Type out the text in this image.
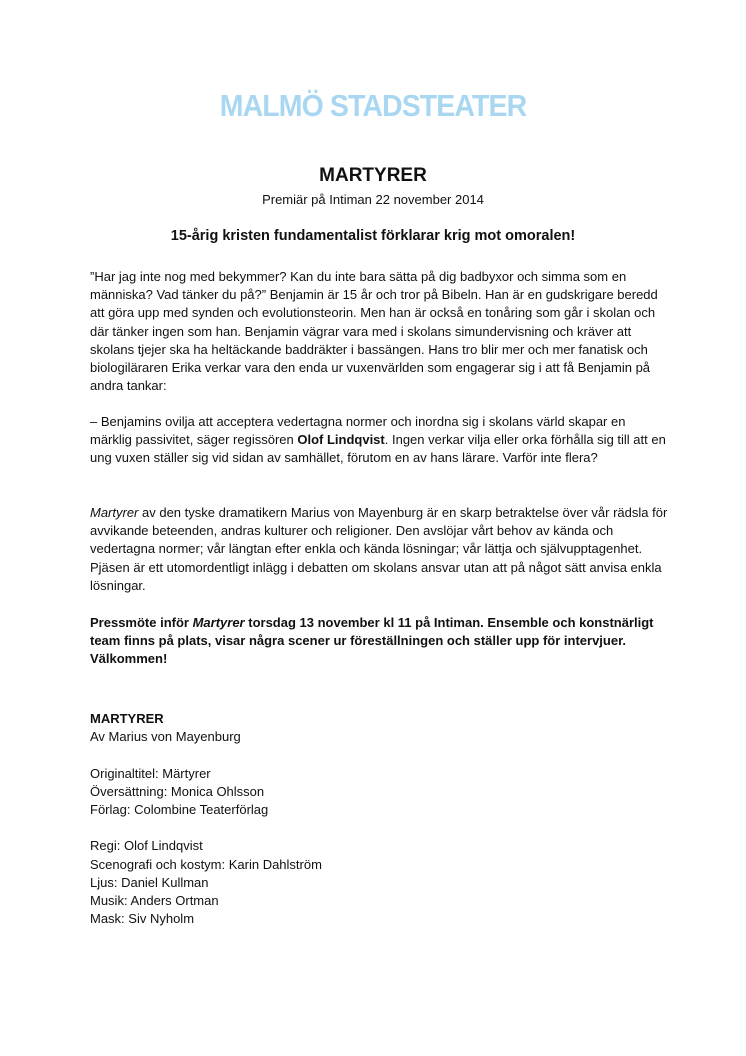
MALMÖ STADSTEATER
MARTYRER
Premiär på Intiman 22 november 2014
15-årig kristen fundamentalist förklarar krig mot omoralen!

”Har jag inte nog med bekymmer? Kan du inte bara sätta på dig badbyxor och simma som en människa? Vad tänker du på?” Benjamin är 15 år och tror på Bibeln. Han är en gudskrigare beredd att göra upp med synden och evolutionsteorin. Men han är också en tonåring som går i skolan och där tänker ingen som han. Benjamin vägrar vara med i skolans simundervisning och kräver att skolans tjejer ska ha heltäckande baddräkter i bassängen. Hans tro blir mer och mer fanatisk och biologiläraren Erika verkar vara den enda ur vuxenvärlden som engagerar sig i att få Benjamin på andra tankar:

– Benjamins ovilja att acceptera vedertagna normer och inordna sig i skolans värld skapar en märklig passivitet, säger regissören Olof Lindqvist. Ingen verkar vilja eller orka förhålla sig till att en ung vuxen ställer sig vid sidan av samhället, förutom en av hans lärare. Varför inte flera?

Martyrer av den tyske dramatikern Marius von Mayenburg är en skarp betraktelse över vår rädsla för avvikande beteenden, andras kulturer och religioner. Den avslöjar vårt behov av kända och vedertagna normer; vår längtan efter enkla och kända lösningar; vår lättja och självupptagenhet. Pjäsen är ett utomordentligt inlägg i debatten om skolans ansvar utan att på något sätt anvisa enkla lösningar.

Pressmöte inför Martyrer torsdag 13 november kl 11 på Intiman. Ensemble och konstnärligt team finns på plats, visar några scener ur föreställningen och ställer upp för intervjuer. Välkommen!

MARTYRER
Av Marius von Mayenburg
Originaltitel: Märtyrer
Översättning: Monica Ohlsson
Förlag: Colombine Teaterförlag
Regi: Olof Lindqvist
Scenografi och kostym: Karin Dahlström
Ljus: Daniel Kullman
Musik: Anders Ortman
Mask: Siv Nyholm
